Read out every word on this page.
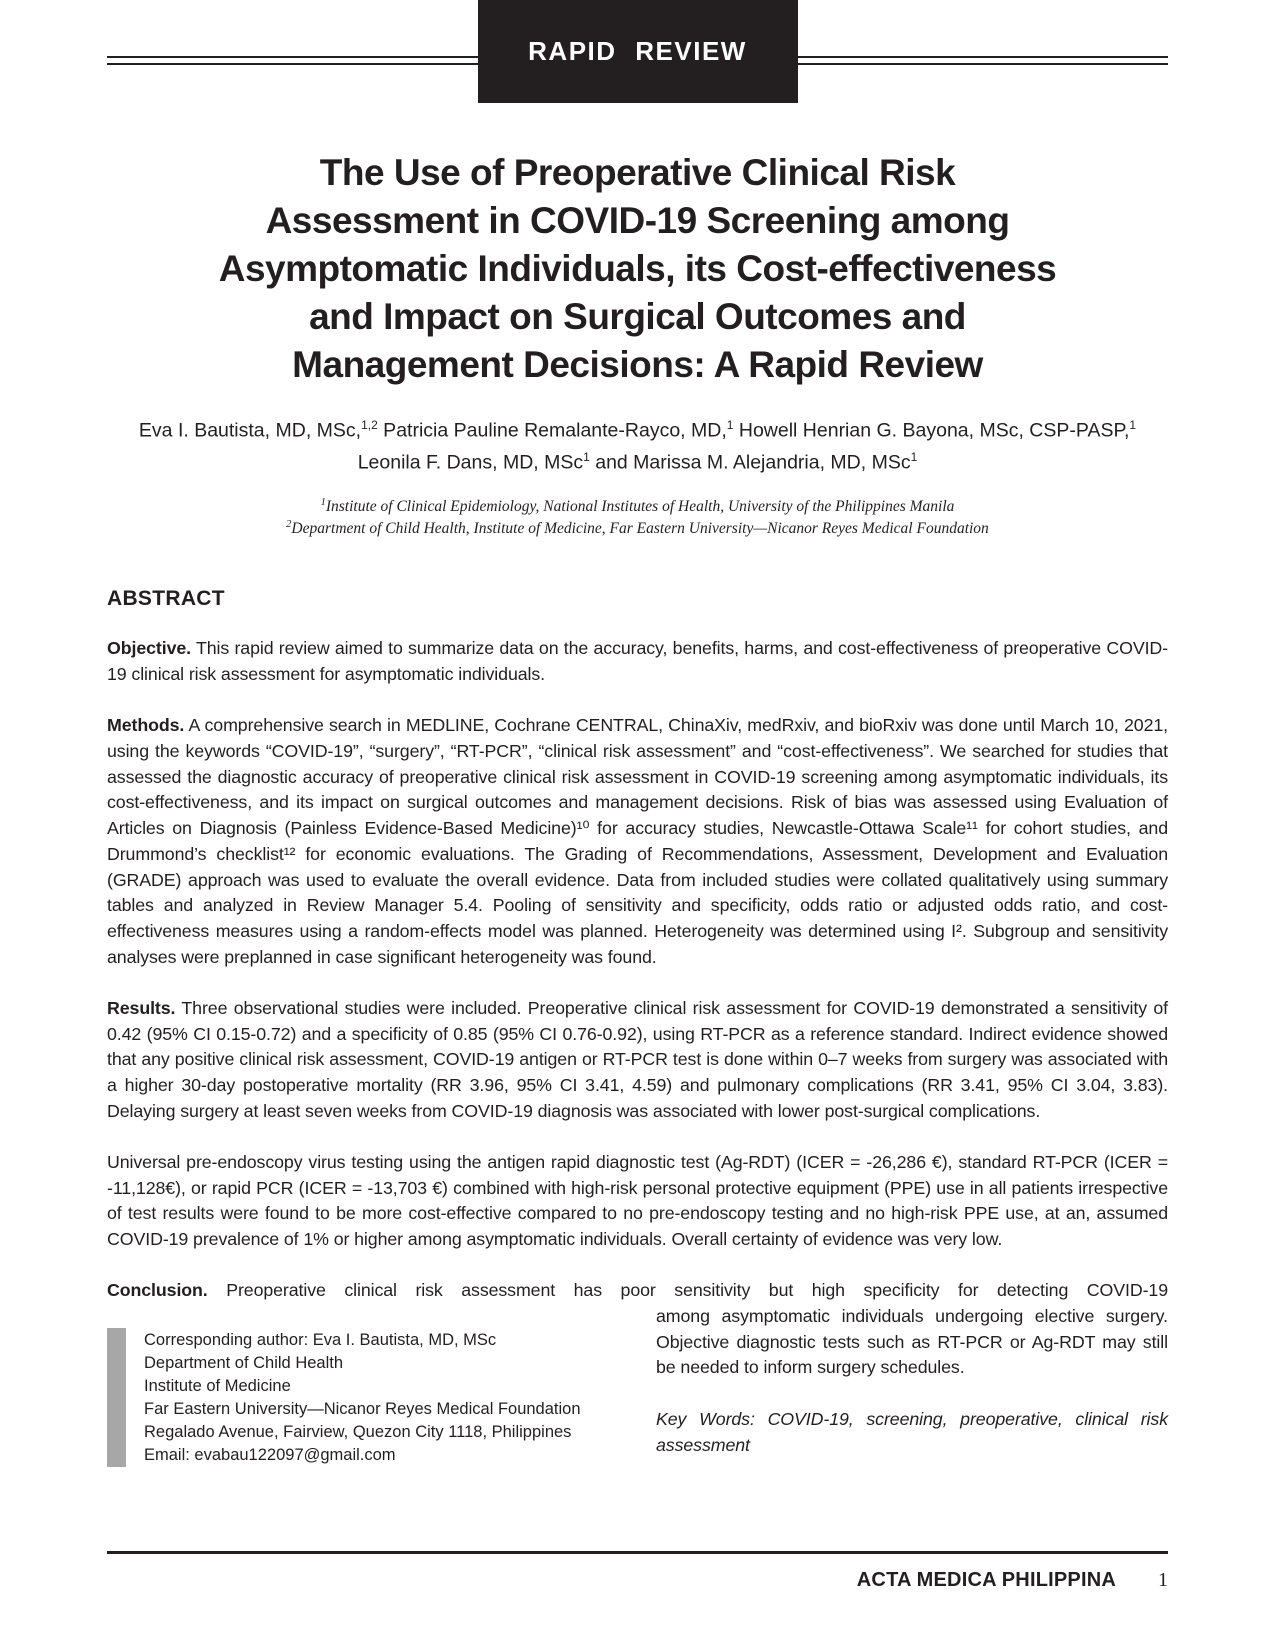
RAPID REVIEW
The Use of Preoperative Clinical Risk
Assessment in COVID-19 Screening among
Asymptomatic Individuals, its Cost-effectiveness
and Impact on Surgical Outcomes and
Management Decisions: A Rapid Review
Eva I. Bautista, MD, MSc,$^{1,2}$ Patricia Pauline Remalante-Rayco, MD,$^1$ Howell Henrian G. Bayona, MSc, CSP-PASP,$^1$
Leonila F. Dans, MD, MSc$^1$ and Marissa M. Alejandria, MD, MSc$^1$
$^1$Institute of Clinical Epidemiology, National Institutes of Health, University of the Philippines Manila
$^2$Department of Child Health, Institute of Medicine, Far Eastern University—Nicanor Reyes Medical Foundation
ABSTRACT

Objective. This rapid review aimed to summarize data on the accuracy, benefits, harms, and cost-effectiveness of preoperative COVID-19 clinical risk assessment for asymptomatic individuals.

Methods. A comprehensive search in MEDLINE, Cochrane CENTRAL, ChinaXiv, medRxiv, and bioRxiv was done until March 10, 2021, using the keywords “COVID-19”, “surgery”, “RT-PCR”, “clinical risk assessment” and “cost-effectiveness”. We searched for studies that assessed the diagnostic accuracy of preoperative clinical risk assessment in COVID-19 screening among asymptomatic individuals, its cost-effectiveness, and its impact on surgical outcomes and management decisions. Risk of bias was assessed using Evaluation of Articles on Diagnosis (Painless Evidence-Based Medicine)¹⁰ for accuracy studies, Newcastle-Ottawa Scale¹¹ for cohort studies, and Drummond’s checklist¹² for economic evaluations. The Grading of Recommendations, Assessment, Development and Evaluation (GRADE) approach was used to evaluate the overall evidence. Data from included studies were collated qualitatively using summary tables and analyzed in Review Manager 5.4. Pooling of sensitivity and specificity, odds ratio or adjusted odds ratio, and cost-effectiveness measures using a random-effects model was planned. Heterogeneity was determined using I². Subgroup and sensitivity analyses were preplanned in case significant heterogeneity was found.

Results. Three observational studies were included. Preoperative clinical risk assessment for COVID-19 demonstrated a sensitivity of 0.42 (95% CI 0.15-0.72) and a specificity of 0.85 (95% CI 0.76-0.92), using RT-PCR as a reference standard. Indirect evidence showed that any positive clinical risk assessment, COVID-19 antigen or RT-PCR test is done within 0–7 weeks from surgery was associated with a higher 30-day postoperative mortality (RR 3.96, 95% CI 3.41, 4.59) and pulmonary complications (RR 3.41, 95% CI 3.04, 3.83). Delaying surgery at least seven weeks from COVID-19 diagnosis was associated with lower post-surgical complications.

Universal pre-endoscopy virus testing using the antigen rapid diagnostic test (Ag-RDT) (ICER = -26,286 €), standard RT-PCR (ICER = -11,128€), or rapid PCR (ICER = -13,703 €) combined with high-risk personal protective equipment (PPE) use in all patients irrespective of test results were found to be more cost-effective compared to no pre-endoscopy testing and no high-risk PPE use, at an, assumed COVID-19 prevalence of 1% or higher among asymptomatic individuals. Overall certainty of evidence was very low.

Conclusion. Preoperative clinical risk assessment has poor sensitivity but high specificity for detecting COVID-19

Corresponding author: Eva I. Bautista, MD, MSc
Department of Child Health
Institute of Medicine
Far Eastern University—Nicanor Reyes Medical Foundation
Regalado Avenue, Fairview, Quezon City 1118, Philippines
Email: evabau122097@gmail.com

among asymptomatic individuals undergoing elective surgery. Objective diagnostic tests such as RT-PCR or Ag-RDT may still be needed to inform surgery schedules.

Key Words: COVID-19, screening, preoperative, clinical risk assessment

ACTA MEDICA PHILIPPINA 1
